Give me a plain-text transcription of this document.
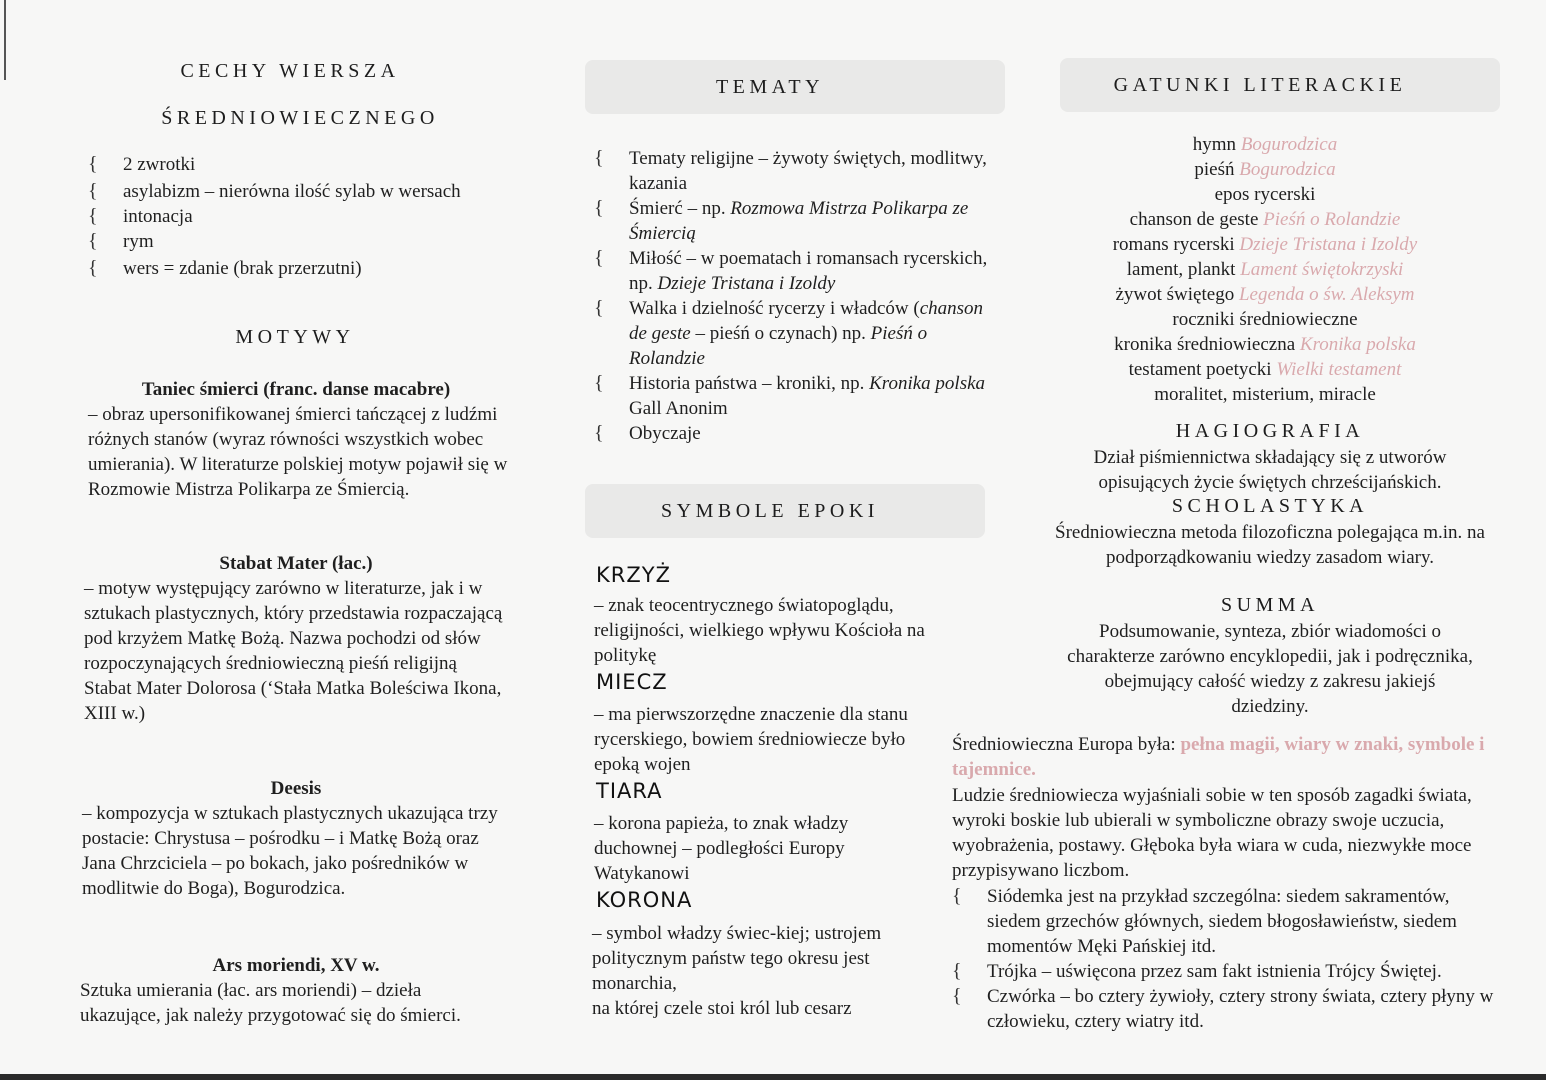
CECHY WIERSZA
ŚREDNIOWIECZNEGO
{ 2 zwrotki
{ asylabizm – nierówna ilość sylab w wersach
{ intonacja
{ rym
{ wers = zdanie (brak przerzutni)
MOTYWY
Taniec śmierci (franc. danse macabre)
– obraz upersonifikowanej śmierci tańczącej z ludźmi różnych stanów (wyraz równości wszystkich wobec umierania). W literaturze polskiej motyw pojawił się w Rozmowie Mistrza Polikarpa ze Śmiercią.
Stabat Mater (łac.)
– motyw występujący zarówno w literaturze, jak i w sztukach plastycznych, który przedstawia rozpaczającą pod krzyżem Matkę Bożą. Nazwa pochodzi od słów rozpoczynających średniowieczną pieśń religijną Stabat Mater Dolorosa (‘Stała Matka Boleściwa Ikona, XIII w.)
Deesis
– kompozycja w sztukach plastycznych ukazująca trzy postacie: Chrystusa – pośrodku – i Matkę Bożą oraz Jana Chrzciciela – po bokach, jako pośredników w modlitwie do Boga), Bogurodzica.
Ars moriendi, XV w.
Sztuka umierania (łac. ars moriendi) – dzieła ukazujące, jak należy przygotować się do śmierci.
TEMATY
{ Tematy religijne – żywoty świętych, modlitwy, kazania
{ Śmierć – np. Rozmowa Mistrza Polikarpa ze Śmiercią
{ Miłość – w poematach i romansach rycerskich, np. Dzieje Tristana i Izoldy
{ Walka i dzielność rycerzy i władców (chanson de geste – pieśń o czynach) np. Pieśń o Rolandzie
{ Historia państwa – kroniki, np. Kronika polska Gall Anonim
{ Obyczaje
SYMBOLE EPOKI
KRZYŻ
– znak teocentrycznego światopoglądu, religijności, wielkiego wpływu Kościoła na politykę
MIECZ
– ma pierwszorzędne znaczenie dla stanu rycerskiego, bowiem średniowiecze było epoką wojen
TIARA
– korona papieża, to znak władzy duchownej – podległości Europy Watykanowi
KORONA
– symbol władzy świec-kiej; ustrojem politycznym państw tego okresu jest monarchia,
na której czele stoi król lub cesarz
GATUNKI LITERACKIE
hymn Bogurodzica
pieśń Bogurodzica
epos rycerski
chanson de geste Pieśń o Rolandzie
romans rycerski Dzieje Tristana i Izoldy
lament, plankt Lament świętokrzyski
żywot świętego Legenda o św. Aleksym
roczniki średniowieczne
kronika średniowieczna Kronika polska
testament poetycki Wielki testament
moralitet, misterium, miracle
HAGIOGRAFIA
Dział piśmiennictwa składający się z utworów opisujących życie świętych chrześcijańskich.
SCHOLASTYKA
Średniowieczna metoda filozoficzna polegająca m.in. na podporządkowaniu wiedzy zasadom wiary.
SUMMA
Podsumowanie, synteza, zbiór wiadomości o charakterze zarówno encyklopedii, jak i podręcznika, obejmujący całość wiedzy z zakresu jakiejś dziedziny.
Średniowieczna Europa była: pełna magii, wiary w znaki, symbole i tajemnice.
Ludzie średniowiecza wyjaśniali sobie w ten sposób zagadki świata, wyroki boskie lub ubierali w symboliczne obrazy swoje uczucia, wyobrażenia, postawy. Głęboka była wiara w cuda, niezwykłe moce przypisywano liczbom.
{ Siódemka jest na przykład szczególna: siedem sakramentów, siedem grzechów głównych, siedem błogosławieństw, siedem momentów Męki Pańskiej itd.
{ Trójka – uświęcona przez sam fakt istnienia Trójcy Świętej.
{ Czwórka – bo cztery żywioły, cztery strony świata, cztery płyny w człowieku, cztery wiatry itd.
